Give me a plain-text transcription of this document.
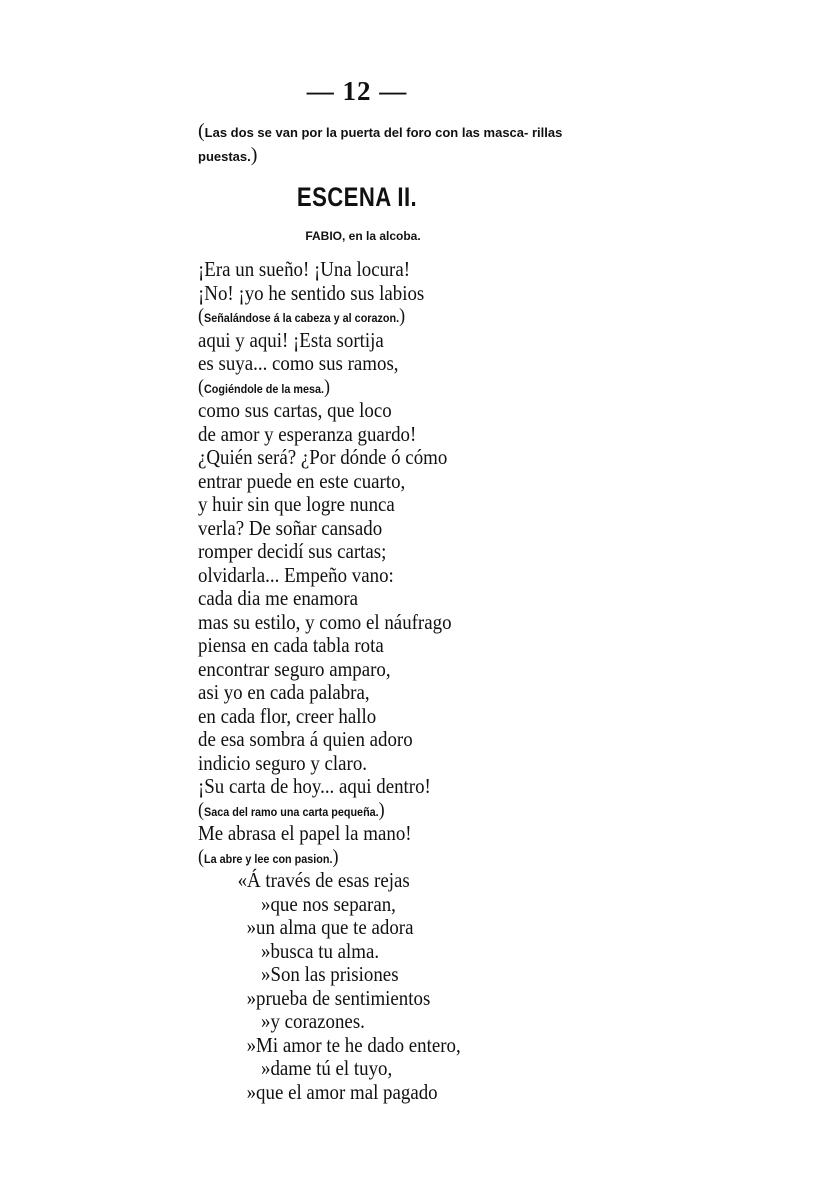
— 12 —
(Las dos se van por la puerta del foro con las masca- rillas puestas.)
ESCENA II.
FABIO, en la alcoba.
¡Era un sueño! ¡Una locura!
¡No! ¡yo he sentido sus labios
(Señalándose á la cabeza y al corazon.)
aqui y aqui! ¡Esta sortija
es suya... como sus ramos,
(Cogiéndole de la mesa.)
como sus cartas, que loco
de amor y esperanza guardo!
¿Quién será? ¿Por dónde ó cómo
entrar puede en este cuarto,
y huir sin que logre nunca
verla? De soñar cansado
romper decidí sus cartas;
olvidarla... Empeño vano:
cada dia me enamora
mas su estilo, y como el náufrago
piensa en cada tabla rota
encontrar seguro amparo,
asi yo en cada palabra,
en cada flor, creer hallo
de esa sombra á quien adoro
indicio seguro y claro.
¡Su carta de hoy... aqui dentro!
(Saca del ramo una carta pequeña.)
Me abrasa el papel la mano!
(La abre y lee con pasion.)
«Á través de esas rejas
»que nos separan,
»un alma que te adora
»busca tu alma.
»Son las prisiones
»prueba de sentimientos
»y corazones.
»Mi amor te he dado entero,
»dame tú el tuyo,
»que el amor mal pagado
